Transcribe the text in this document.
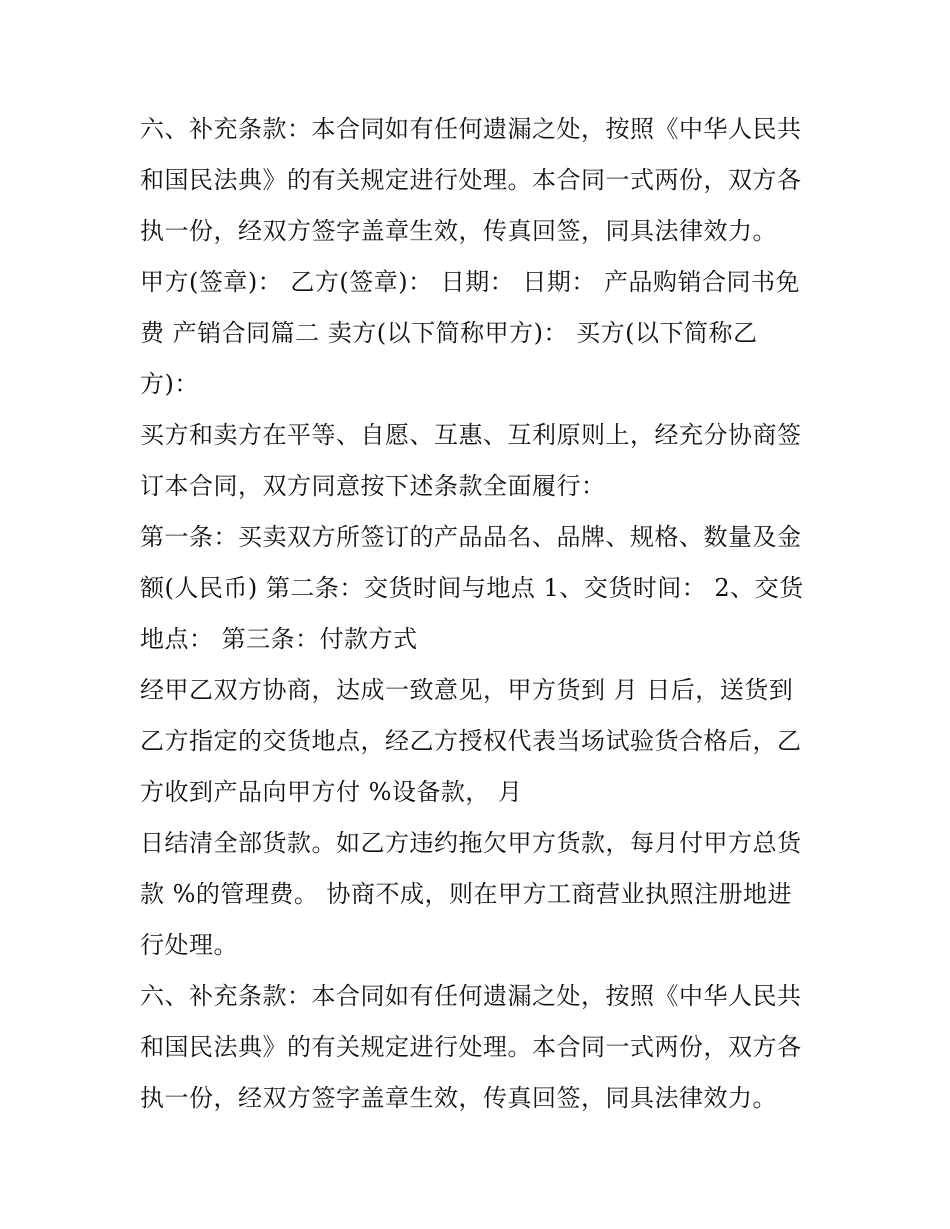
六、补充条款：本合同如有任何遗漏之处，按照《中华人民共和国民法典》的有关规定进行处理。本合同一式两份，双方各执一份，经双方签字盖章生效，传真回签，同具法律效力。

甲方(签章)： 乙方(签章)： 日期： 日期： 产品购销合同书免费 产销合同篇二 卖方(以下简称甲方)： 买方(以下简称乙方)：

买方和卖方在平等、自愿、互惠、互利原则上，经充分协商签订本合同，双方同意按下述条款全面履行：

第一条：买卖双方所签订的产品品名、品牌、规格、数量及金额(人民币) 第二条：交货时间与地点 1、交货时间： 2、交货地点： 第三条：付款方式

经甲乙双方协商，达成一致意见，甲方货到 月 日后，送货到乙方指定的交货地点，经乙方授权代表当场试验货合格后，乙方收到产品向甲方付 %设备款， 月

日结清全部货款。如乙方违约拖欠甲方货款，每月付甲方总货款 %的管理费。 协商不成，则在甲方工商营业执照注册地进行处理。

六、补充条款：本合同如有任何遗漏之处，按照《中华人民共和国民法典》的有关规定进行处理。本合同一式两份，双方各执一份，经双方签字盖章生效，传真回签，同具法律效力。
